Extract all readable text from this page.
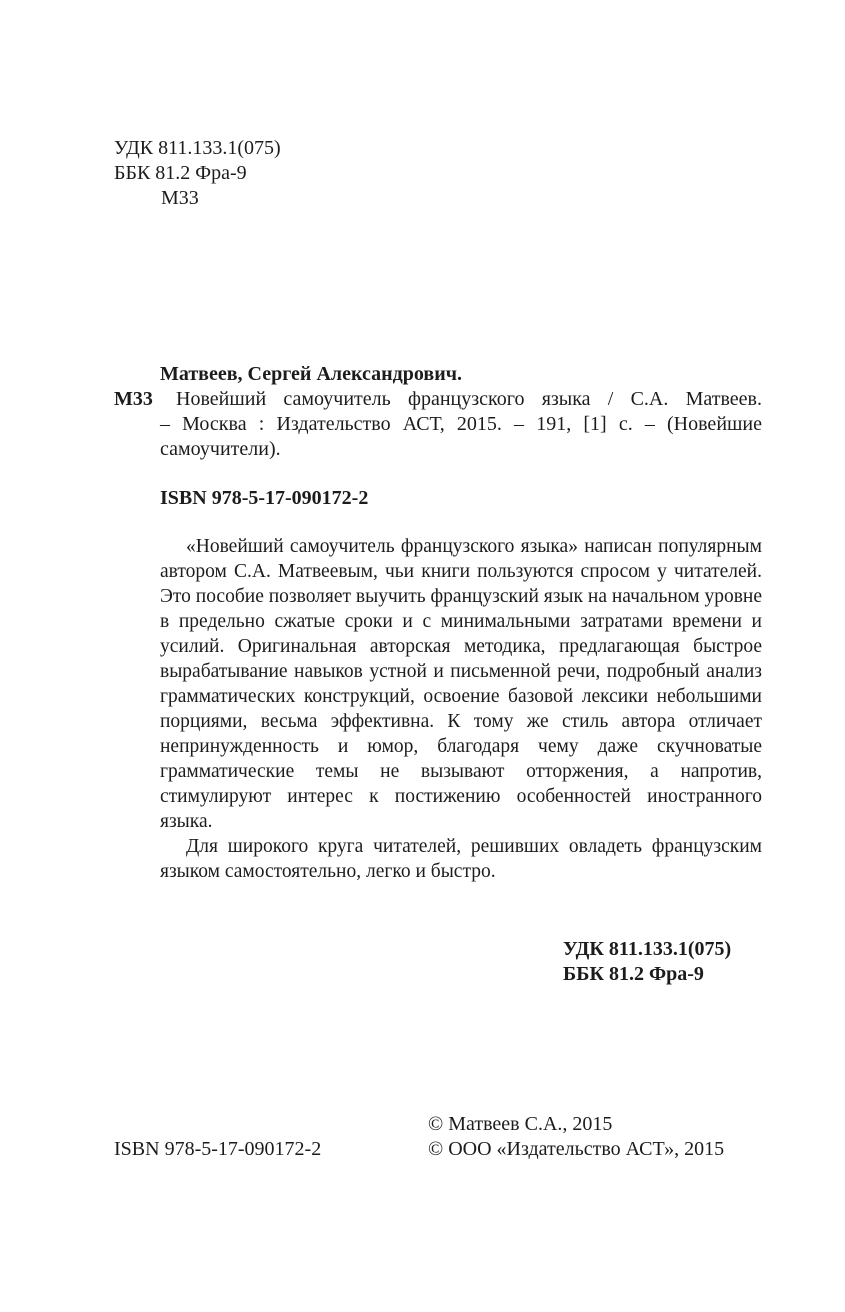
УДК 811.133.1(075)
ББК 81.2 Фра-9
М33
Матвеев, Сергей Александрович.
М33 Новейший самоучитель французского языка / С.А. Матвеев.
– Москва : Издательство АСТ, 2015. – 191, [1] с. – (Новейшие
самоучители).
ISBN 978-5-17-090172-2

«Новейший самоучитель французского языка» написан популярным автором С.А. Матвеевым, чьи книги пользуются спросом у читателей. Это пособие позволяет выучить французский язык на начальном уровне в предельно сжатые сроки и с минимальными затратами времени и усилий. Оригинальная авторская методика, предлагающая быстрое вырабатывание навыков устной и письменной речи, подробный анализ грамматических конструкций, освоение базовой лексики небольшими порциями, весьма эффективна. К тому же стиль автора отличает непринужденность и юмор, благодаря чему даже скучноватые грамматические темы не вызывают отторжения, а напротив, стимулируют интерес к постижению особенностей иностранного языка.

Для широкого круга читателей, решивших овладеть французским языком самостоятельно, легко и быстро.

УДК 811.133.1(075)
ББК 81.2 Фра-9
© Матвеев С.А., 2015
ISBN 978-5-17-090172-2	© ООО «Издательство АСТ», 2015
